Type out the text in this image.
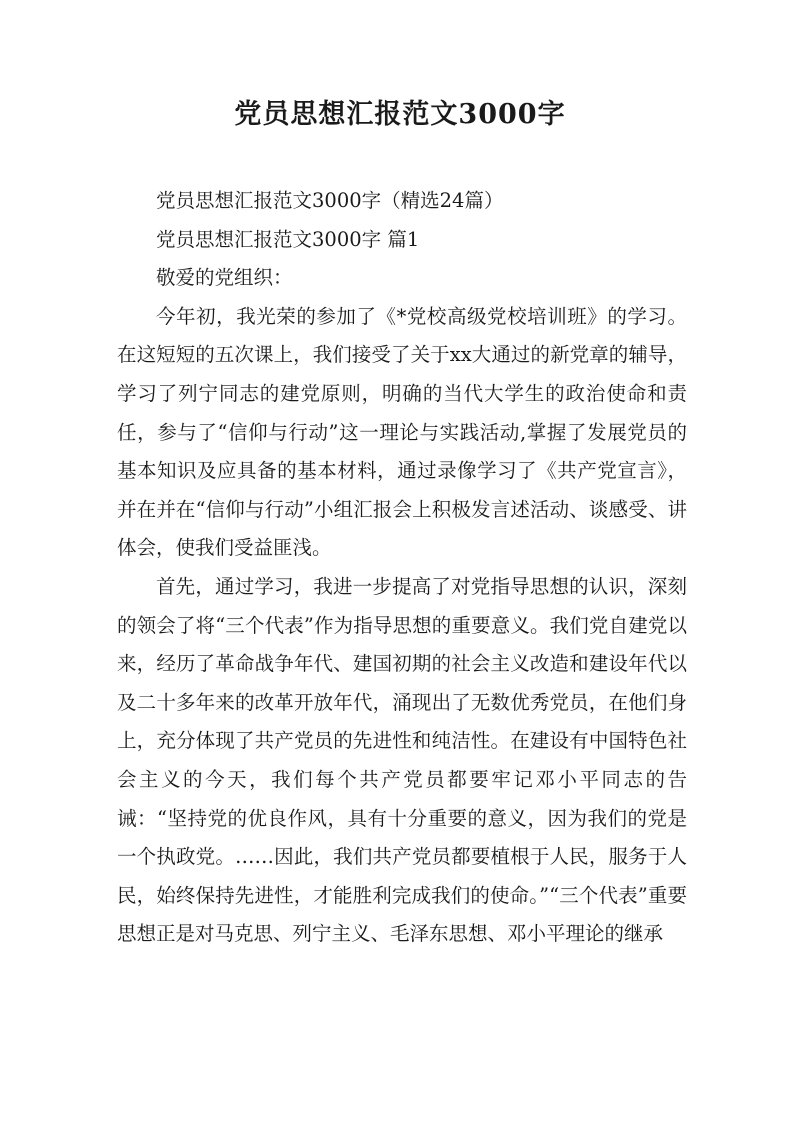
党员思想汇报范文3000字

党员思想汇报范文3000字（精选24篇）

党员思想汇报范文3000字 篇1

敬爱的党组织：

今年初，我光荣的参加了《*党校高级党校培训班》的学习。在这短短的五次课上，我们接受了关于xx大通过的新党章的辅导，学习了列宁同志的建党原则，明确的当代大学生的政治使命和责任，参与了“信仰与行动”这一理论与实践活动,掌握了发展党员的基本知识及应具备的基本材料，通过录像学习了《共产党宣言》，并在并在“信仰与行动”小组汇报会上积极发言述活动、谈感受、讲体会，使我们受益匪浅。

首先，通过学习，我进一步提高了对党指导思想的认识，深刻的领会了将“三个代表”作为指导思想的重要意义。我们党自建党以来，经历了革命战争年代、建国初期的社会主义改造和建设年代以及二十多年来的改革开放年代，涌现出了无数优秀党员，在他们身上，充分体现了共产党员的先进性和纯洁性。在建设有中国特色社会主义的今天，我们每个共产党员都要牢记邓小平同志的告诫：“坚持党的优良作风，具有十分重要的意义，因为我们的党是一个执政党。……因此，我们共产党员都要植根于人民，服务于人民，始终保持先进性，才能胜利完成我们的使命。”“三个代表”重要思想正是对马克思、列宁主义、毛泽东思想、邓小平理论的继承
